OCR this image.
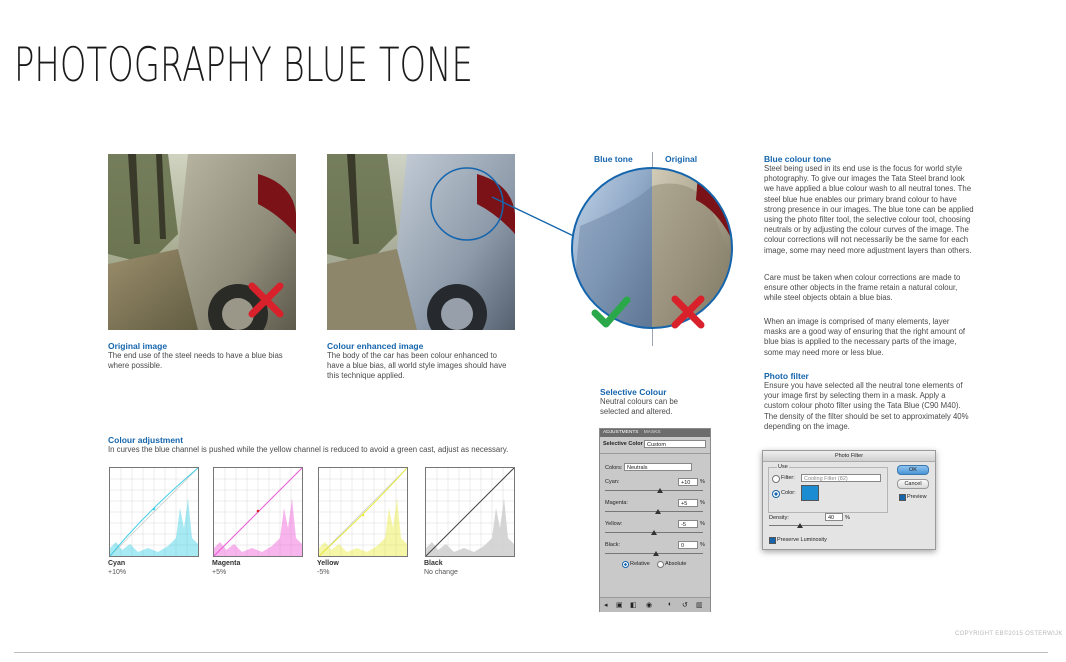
PHOTOGRAPHY BLUE TONE
Original image
The end use of the steel needs to have a blue bias where possible.
Colour enhanced image
The body of the car has been colour enhanced to have a blue bias, all world style images should have this technique applied.
Blue tone	Original	Blue colour tone
Steel being used in its end use is the focus for world style photography. To give our images the Tata Steel brand look we have applied a blue colour wash to all neutral tones. The steel blue hue enables our primary brand colour to have strong presence in our images. The blue tone can be applied using the photo filter tool, the selective colour tool, choosing neutrals or by adjusting the colour curves of the image. The colour corrections will not necessarily be the same for each image, some may need more adjustment layers than others.
Care must be taken when colour corrections are made to ensure other objects in the frame retain a natural colour, while steel objects obtain a blue bias.
When an image is comprised of many elements, layer masks are a good way of ensuring that the right amount of blue bias is applied to the necessary parts of the image, some may need more or less blue.
Photo filter
Ensure you have selected all the neutral tone elements of your image first by selecting them in a mask. Apply a custom colour photo filter using the Tata Blue (C90 M40). The density of the filter should be set to approximately 40% depending on the image.
Photo Filter
Use
Filter:	Cooling Filter (82)
Color:
Density:	40	%
Preserve Luminosity
OK
Cancel
Preview
Selective Colour
Neutral colours can be selected and altered.
ADJUSTMENTS MASKS
Selective Color Custom
Colors: Neutrals
Cyan:	+10	%
Magenta:	+5	%
Yellow:	-5	%
Black:	0	%
Relative	Absolute
◂ ▣ ◧ ◉ ◐ ↺ ▥
Colour adjustment
In curves the blue channel is pushed while the yellow channel is reduced to avoid a green cast, adjust as necessary.
Cyan
+10%
Magenta
+5%
Yellow
-5%
Black
No change
COPYRIGHT EB©2015 OSTERWIJK
